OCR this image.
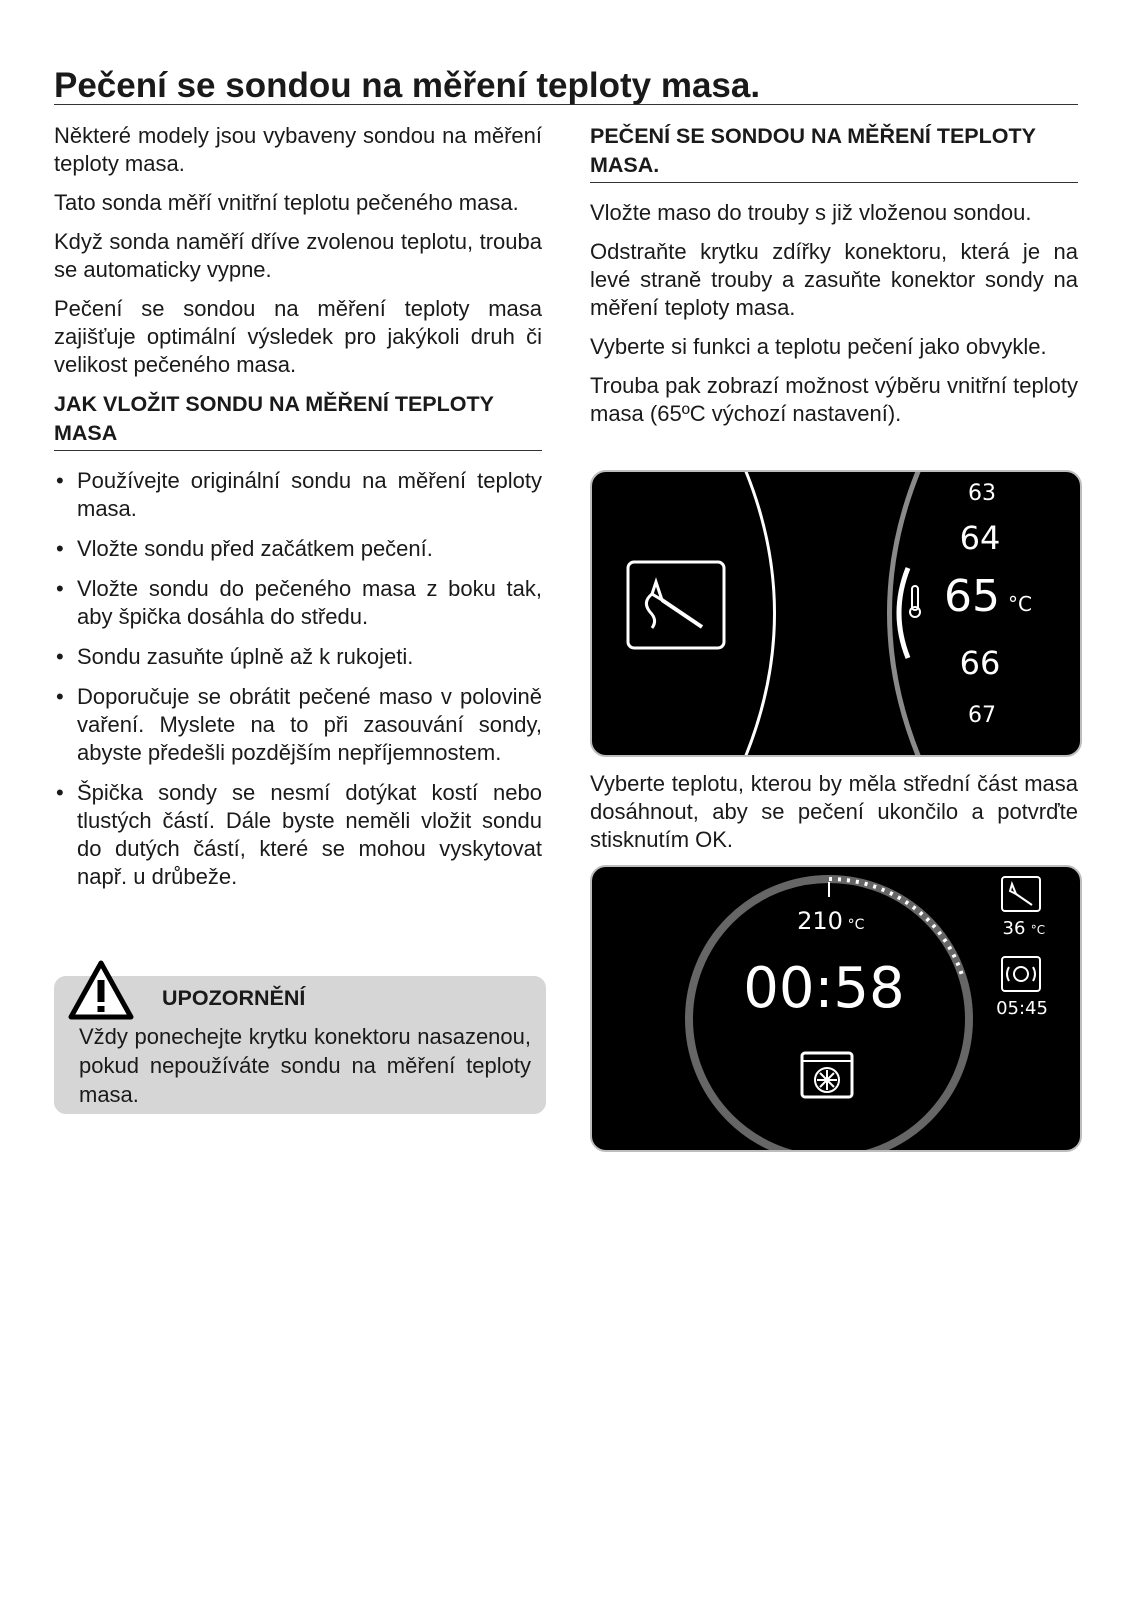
Pečení se sondou na měření teploty masa.

Některé modely jsou vybaveny sondou na měření teploty masa.

Tato sonda měří vnitřní teplotu pečeného masa.

Když sonda naměří dříve zvolenou teplotu, trouba se automaticky vypne.

Pečení se sondou na měření teploty masa zajišťuje optimální výsledek pro jakýkoli druh či velikost pečeného masa.

JAK VLOŽIT SONDU NA MĚŘENÍ TEPLOTY MASA
• Používejte originální sondu na měření teploty masa.
• Vložte sondu před začátkem pečení.
• Vložte sondu do pečeného masa z boku tak, aby špička dosáhla do středu.
• Sondu zasuňte úplně až k rukojeti.
• Doporučuje se obrátit pečené maso v polovině vaření. Myslete na to při zasouvání sondy, abyste předešli pozdějším nepříjemnostem.
• Špička sondy se nesmí dotýkat kostí nebo tlustých částí. Dále byste neměli vložit sondu do dutých částí, které se mohou vyskytovat např. u drůbeže.
UPOZORNĚNÍ
Vždy ponechejte krytku konektoru nasazenou, pokud nepoužíváte sondu na měření teploty masa.
PEČENÍ SE SONDOU NA MĚŘENÍ TEPLOTY MASA.

Vložte maso do trouby s již vloženou sondou.

Odstraňte krytku zdířky konektoru, která je na levé straně trouby a zasuňte konektor sondy na měření teploty masa.

Vyberte si funkci a teplotu pečení jako obvykle.

Trouba pak zobrazí možnost výběru vnitřní teploty masa (65ºC výchozí nastavení).

63
64
65 °C
66
67

Vyberte teplotu, kterou by měla střední část masa dosáhnout, aby se pečení ukončilo a potvrďte stisknutím OK.

210 °C
00:58
36 °C
05:45
